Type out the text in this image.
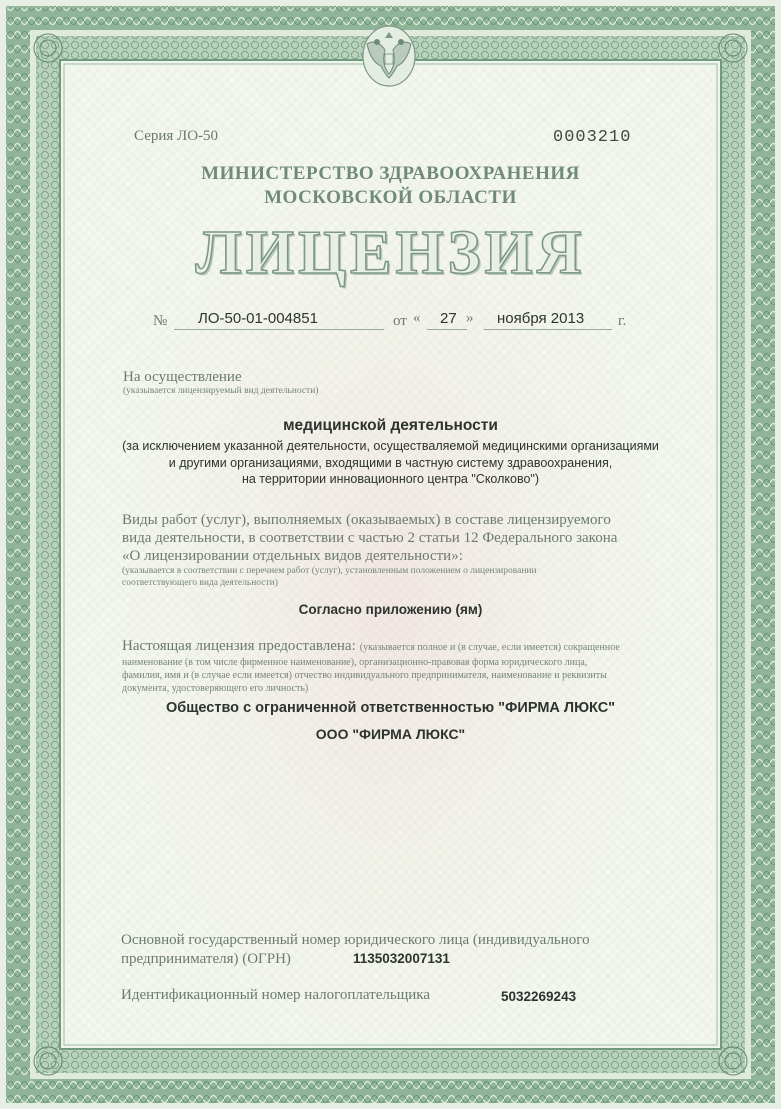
Серия ЛО-50	0003210
МИНИСТЕРСТВО ЗДРАВООХРАНЕНИЯ
МОСКОВСКОЙ ОБЛАСТИ
ЛИЦЕНЗИЯ
№ ЛО-50-01-004851	от « 27 » ноября 2013 г.
На осуществление
(указывается лицензируемый вид деятельности)
медицинской деятельности
(за исключением указанной деятельности, осуществаляемой медицинскими организациями
и другими организациями, входящими в частную систему здравоохранения,
на территории инновационного центра "Сколково")
Виды работ (услуг), выполняемых (оказываемых) в составе лицензируемого
вида деятельности, в соответствии с частью 2 статьи 12 Федерального закона
«О лицензировании отдельных видов деятельности»:
(указывается в соответствии с перечнем работ (услуг), установленным положением о лицензировании
соответствующего вида деятельности)
Согласно приложению (ям)
Настоящая лицензия предоставлена: (указывается полное и (в случае, если имеется) сокращенное
наименование (в том числе фирменное наименование), организационно-правовая форма юридического лица,
фамилия, имя и (в случае если имеется) отчество индивидуального предпринимателя, наименование и реквизиты
документа, удостоверяющего его личность)
Общество с ограниченной ответственностью "ФИРМА ЛЮКС"
ООО "ФИРМА ЛЮКС"
Основной государственный номер юридического лица (индивидуального
предпринимателя) (ОГРН)	1135032007131
Идентификационный номер налогоплательщика	5032269243
